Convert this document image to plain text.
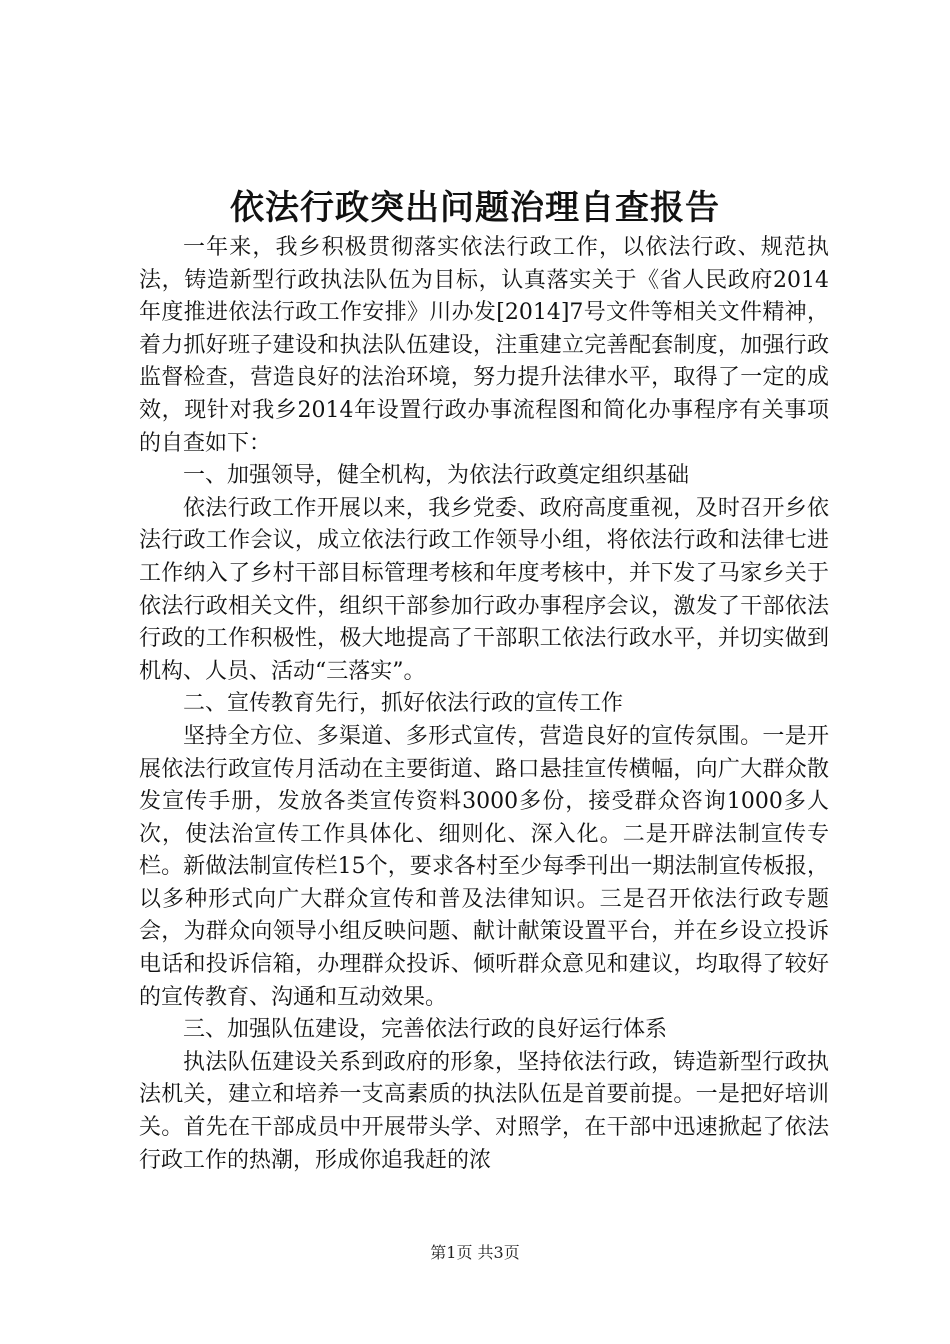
依法行政突出问题治理自查报告

一年来，我乡积极贯彻落实依法行政工作，以依法行政、规范执法，铸造新型行政执法队伍为目标，认真落实关于《省人民政府2014年度推进依法行政工作安排》川办发[2014]7号文件等相关文件精神，着力抓好班子建设和执法队伍建设，注重建立完善配套制度，加强行政监督检查，营造良好的法治环境，努力提升法律水平，取得了一定的成效，现针对我乡2014年设置行政办事流程图和简化办事程序有关事项的自查如下：

一、加强领导，健全机构，为依法行政奠定组织基础

依法行政工作开展以来，我乡党委、政府高度重视，及时召开乡依法行政工作会议，成立依法行政工作领导小组，将依法行政和法律七进工作纳入了乡村干部目标管理考核和年度考核中，并下发了马家乡关于依法行政相关文件，组织干部参加行政办事程序会议，激发了干部依法行政的工作积极性，极大地提高了干部职工依法行政水平，并切实做到机构、人员、活动“三落实”。

二、宣传教育先行，抓好依法行政的宣传工作

坚持全方位、多渠道、多形式宣传，营造良好的宣传氛围。一是开展依法行政宣传月活动在主要街道、路口悬挂宣传横幅，向广大群众散发宣传手册，发放各类宣传资料3000多份，接受群众咨询1000多人次，使法治宣传工作具体化、细则化、深入化。二是开辟法制宣传专栏。新做法制宣传栏15个，要求各村至少每季刊出一期法制宣传板报，以多种形式向广大群众宣传和普及法律知识。三是召开依法行政专题会，为群众向领导小组反映问题、献计献策设置平台，并在乡设立投诉电话和投诉信箱，办理群众投诉、倾听群众意见和建议，均取得了较好的宣传教育、沟通和互动效果。

三、加强队伍建设，完善依法行政的良好运行体系

执法队伍建设关系到政府的形象，坚持依法行政，铸造新型行政执法机关，建立和培养一支高素质的执法队伍是首要前提。一是把好培训关。首先在干部成员中开展带头学、对照学，在干部中迅速掀起了依法行政工作的热潮，形成你追我赶的浓

第1页 共3页
